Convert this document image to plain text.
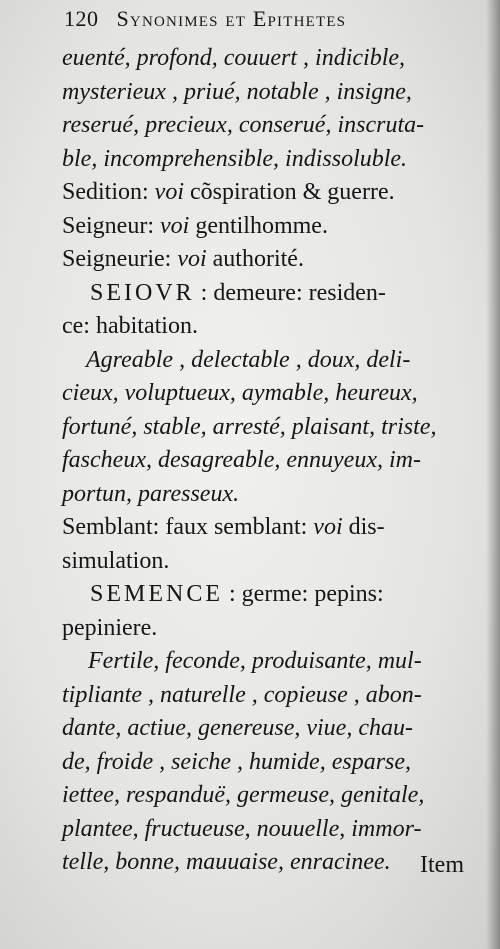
120 Synonimes et Epithetes
euenté, profond, couuert , indicible,
mysterieux , priué, notable , insigne,
reserué, precieux, conserué, inscruta-
ble, incomprehensible, indissoluble.
Sedition: voi cõspiration & guerre.
Seigneur: voi gentilhomme.
Seigneurie: voi authorité.
SEIOVR : demeure: residen-
ce: habitation.
Agreable , delectable , doux, deli-
cieux, voluptueux, aymable, heureux,
fortuné, stable, arresté, plaisant, triste,
fascheux, desagreable, ennuyeux, im-
portun, paresseux.
Semblant: faux semblant: voi dis-
simulation.
SEMENCE : germe: pepins:
pepiniere.
Fertile, feconde, produisante, mul-
tipliante , naturelle , copieuse , abon-
dante, actiue, genereuse, viue, chau-
de, froide , seiche , humide, esparse,
iettee, respanduë, germeuse, genitale,
plantee, fructueuse, nouuelle, immor-
telle, bonne, mauuaise, enracinee. Item
